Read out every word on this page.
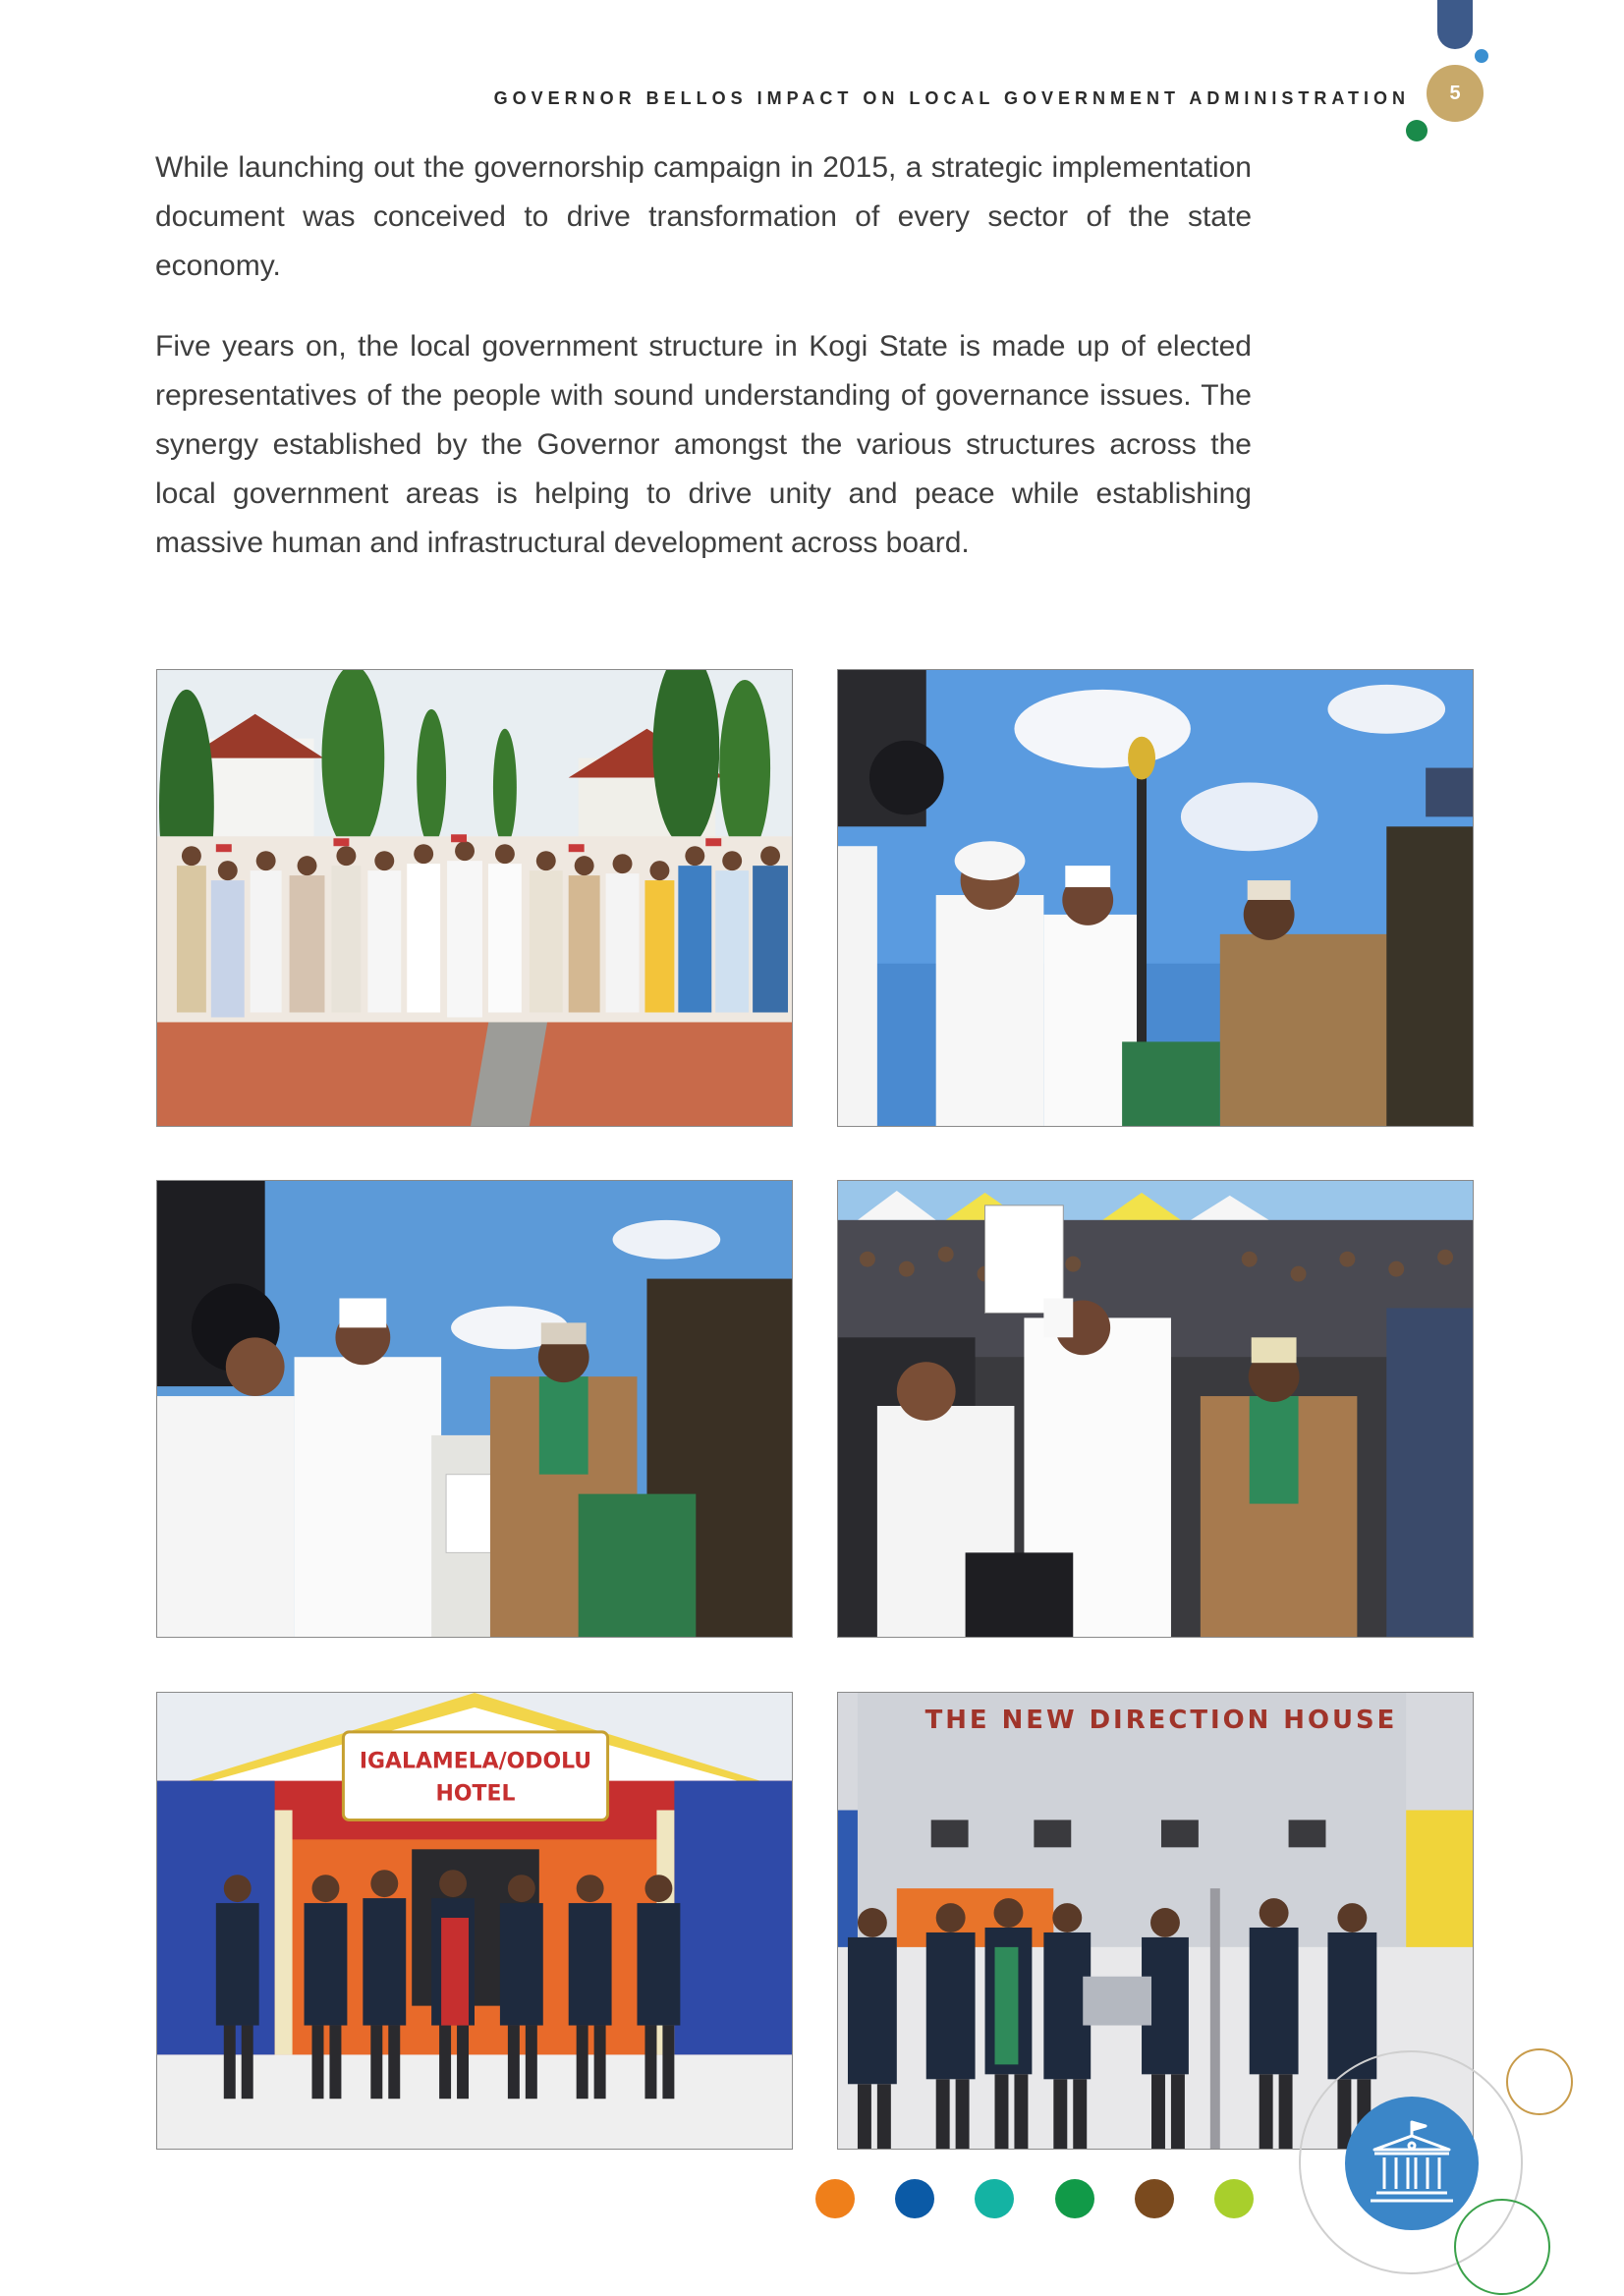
5
GOVERNOR BELLOS IMPACT ON LOCAL GOVERNMENT ADMINISTRATION

While launching out the governorship campaign in 2015, a strategic implementation document was conceived to drive transformation of every sector of the state economy.

Five years on, the local government structure in Kogi State is made up of elected representatives of the people with sound understanding of governance issues. The synergy established by the Governor amongst the various structures across the local government areas is helping to drive unity and peace while establishing massive human and infrastructural development across board.

IGALAMELA/ODOLU
HOTEL
THE NEW DIRECTION HOUSE
